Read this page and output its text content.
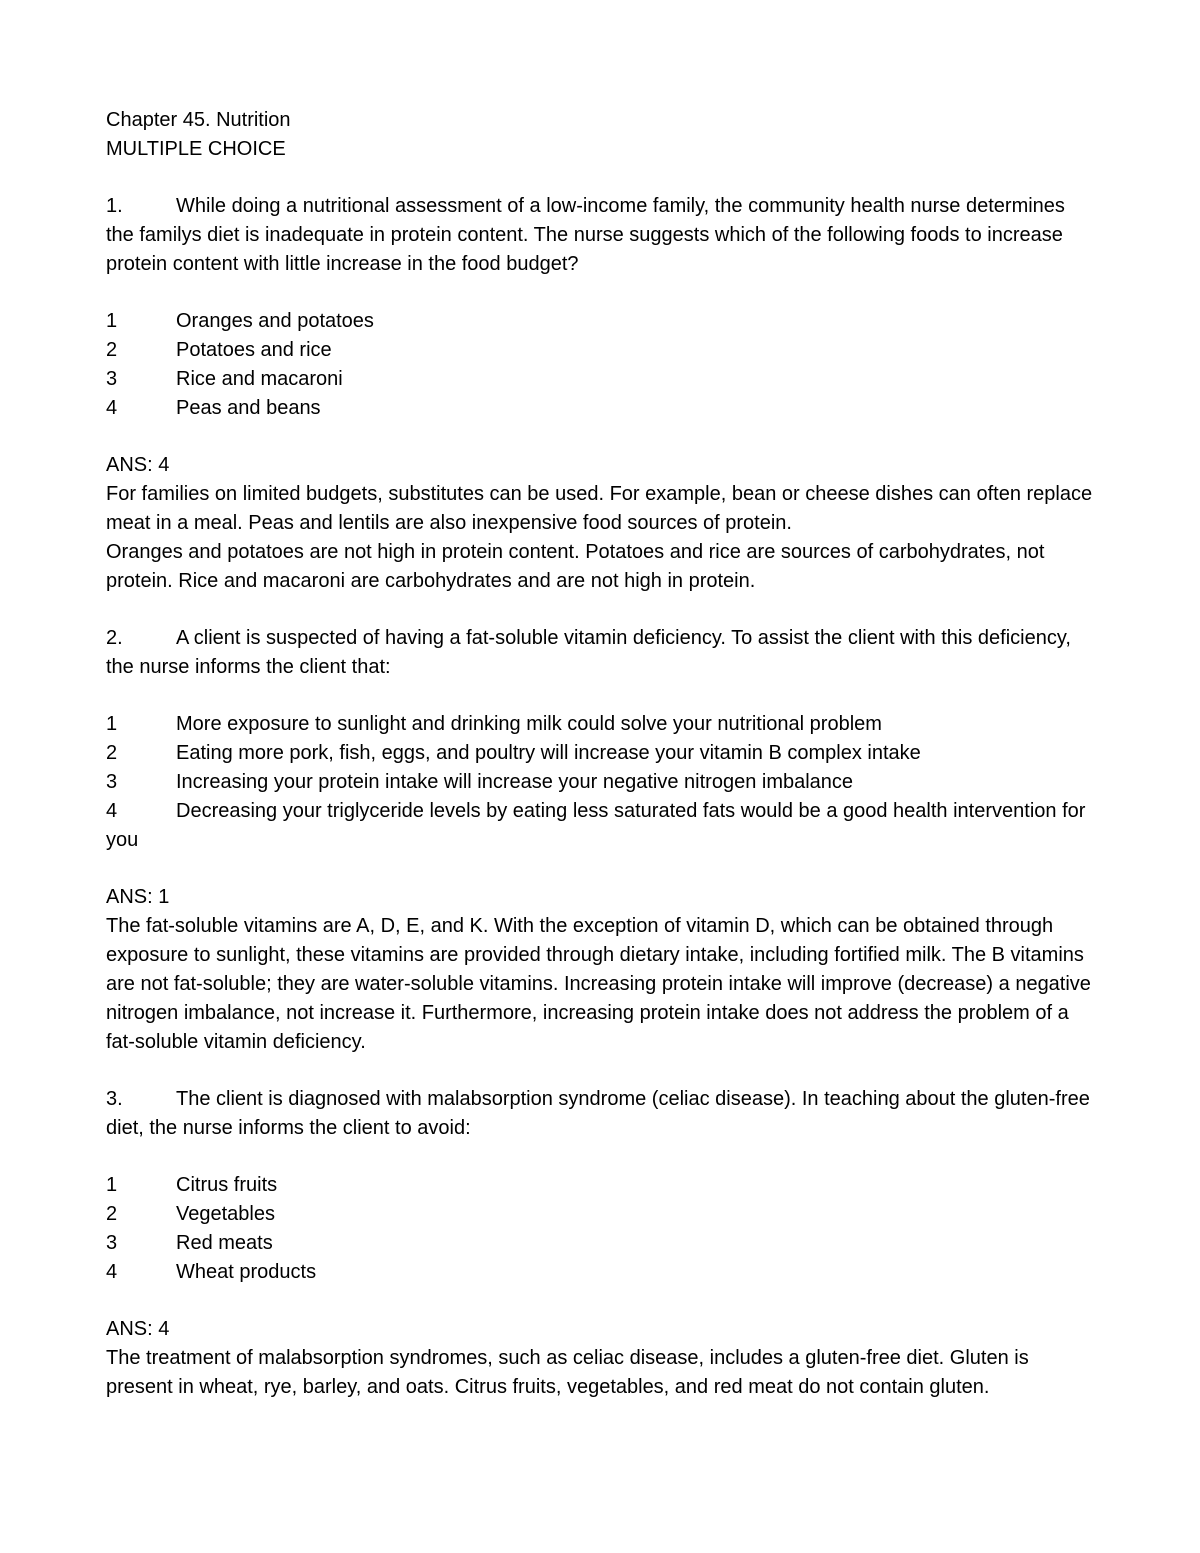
Chapter 45. Nutrition
MULTIPLE CHOICE
1.	While doing a nutritional assessment of a low-income family, the community health nurse determines the familys diet is inadequate in protein content. The nurse suggests which of the following foods to increase protein content with little increase in the food budget?
1	Oranges and potatoes
2	Potatoes and rice
3	Rice and macaroni
4	Peas and beans
ANS: 4
For families on limited budgets, substitutes can be used. For example, bean or cheese dishes can often replace meat in a meal. Peas and lentils are also inexpensive food sources of protein.
Oranges and potatoes are not high in protein content. Potatoes and rice are sources of carbohydrates, not protein. Rice and macaroni are carbohydrates and are not high in protein.
2.	A client is suspected of having a fat-soluble vitamin deficiency. To assist the client with this deficiency, the nurse informs the client that:
1	More exposure to sunlight and drinking milk could solve your nutritional problem
2	Eating more pork, fish, eggs, and poultry will increase your vitamin B complex intake
3	Increasing your protein intake will increase your negative nitrogen imbalance
4	Decreasing your triglyceride levels by eating less saturated fats would be a good health intervention for you
ANS: 1
The fat-soluble vitamins are A, D, E, and K. With the exception of vitamin D, which can be obtained through exposure to sunlight, these vitamins are provided through dietary intake, including fortified milk. The B vitamins are not fat-soluble; they are water-soluble vitamins. Increasing protein intake will improve (decrease) a negative nitrogen imbalance, not increase it. Furthermore, increasing protein intake does not address the problem of a fat-soluble vitamin deficiency.
3.	The client is diagnosed with malabsorption syndrome (celiac disease). In teaching about the gluten-free diet, the nurse informs the client to avoid:
1	Citrus fruits
2	Vegetables
3	Red meats
4	Wheat products
ANS: 4
The treatment of malabsorption syndromes, such as celiac disease, includes a gluten-free diet. Gluten is present in wheat, rye, barley, and oats. Citrus fruits, vegetables, and red meat do not contain gluten.
